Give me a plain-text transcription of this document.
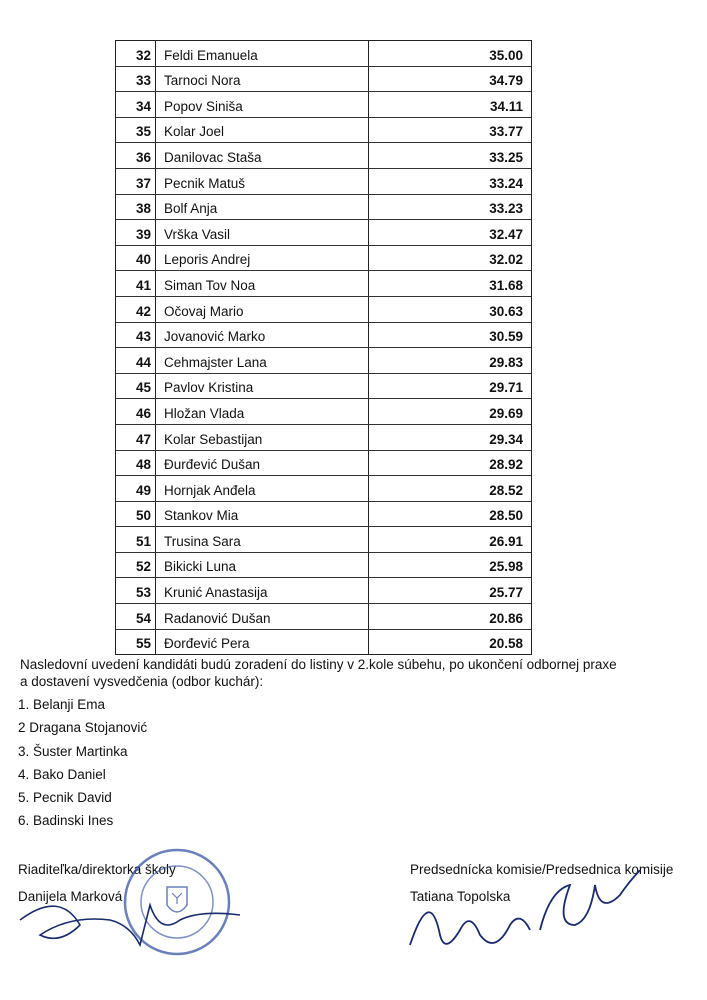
32 Feldi Emanuela	35.00
33 Tarnoci Nora	34.79
34 Popov Siniša	34.11
35 Kolar Joel	33.77
36 Danilovac Staša	33.25
37 Pecnik Matuš	33.24
38 Bolf Anja	33.23
39 Vrška Vasil	32.47
40 Leporis Andrej	32.02
41 Siman Tov Noa	31.68
42 Očovaj Mario	30.63
43 Jovanović Marko	30.59
44 Cehmajster Lana	29.83
45 Pavlov Kristina	29.71
46 Hložan Vlada	29.69
47 Kolar Sebastijan	29.34
48 Đurđević Dušan	28.92
49 Hornjak Anđela	28.52
50 Stankov Mia	28.50
51 Trusina Sara	26.91
52 Bikicki Luna	25.98
53 Krunić Anastasija	25.77
54 Radanović Dušan	20.86
55 Đorđević Pera	20.58
Nasledovní uvedení kandidáti budú zoradení do listiny v 2.kole súbehu, po ukončení odbornej praxe
a dostavení vysvedčenia (odbor kuchár):
1. Belanji Ema
2 Dragana Stojanović
3. Šuster Martinka
4. Bako Daniel
5. Pecnik David
6. Badinski Ines
Riaditeľka/direktorka školy
Danijela Marková
Predsednícka komisie/Predsednica komisije
Tatiana Topolska
